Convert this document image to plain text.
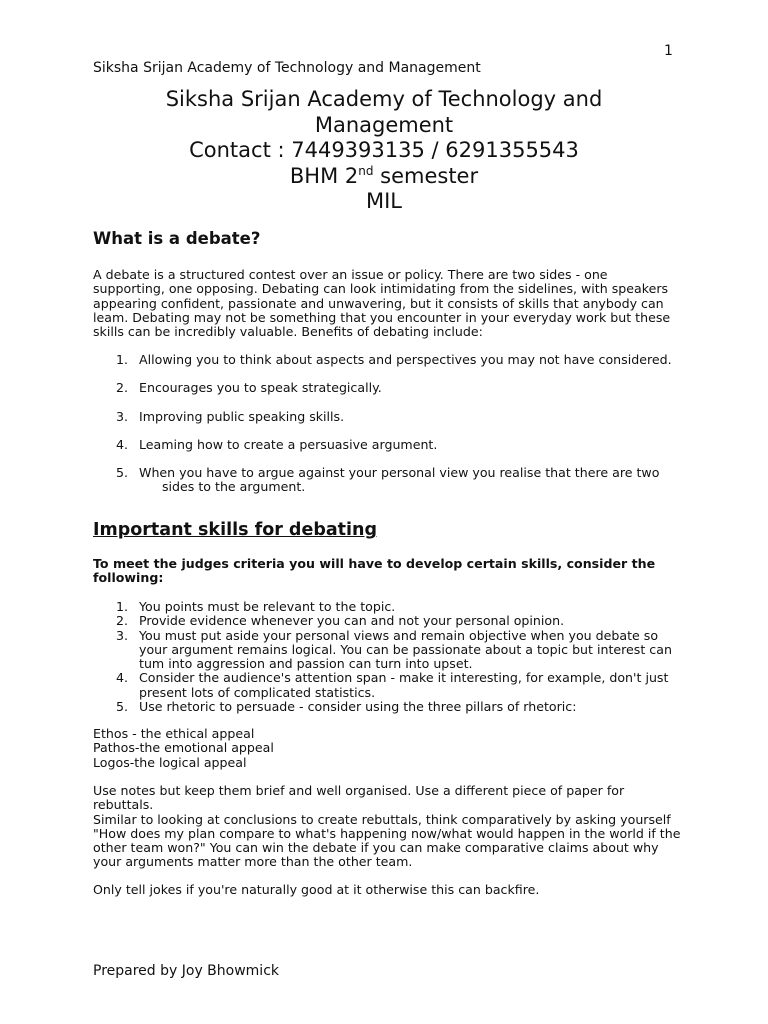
1
Siksha Srijan Academy of Technology and Management
Siksha Srijan Academy of Technology and
Management
Contact : 7449393135 / 6291355543
BHM 2nd semester
MIL
What is a debate?

A debate is a structured contest over an issue or policy. There are two sides - one supporting, one opposing. Debating can look intimidating from the sidelines, with speakers appearing confident, passionate and unwavering, but it consists of skills that anybody can leam. Debating may not be something that you encounter in your everyday work but these skills can be incredibly valuable. Benefits of debating include:

1. Allowing you to think about aspects and perspectives you may not have considered.
2. Encourages you to speak strategically.
3. Improving public speaking skills.
4. Leaming how to create a persuasive argument.
5. When you have to argue against your personal view you realise that there are two
sides to the argument.
Important skills for debating

To meet the judges criteria you will have to develop certain skills, consider the following:

1. You points must be relevant to the topic.
2. Provide evidence whenever you can and not your personal opinion.
3. You must put aside your personal views and remain objective when you debate so your argument remains logical. You can be passionate about a topic but interest can tum into aggression and passion can turn into upset.
4. Consider the audience's attention span - make it interesting, for example, don't just present lots of complicated statistics.
5. Use rhetoric to persuade - consider using the three pillars of rhetoric:
Ethos - the ethical appeal
Pathos-the emotional appeal
Logos-the logical appeal
Use notes but keep them brief and well organised. Use a different piece of paper for rebuttals.
Similar to looking at conclusions to create rebuttals, think comparatively by asking yourself "How does my plan compare to what's happening now/what would happen in the world if the other team won?" You can win the debate if you can make comparative claims about why your arguments matter more than the other team.

Only tell jokes if you're naturally good at it otherwise this can backfire.

Prepared by Joy Bhowmick
